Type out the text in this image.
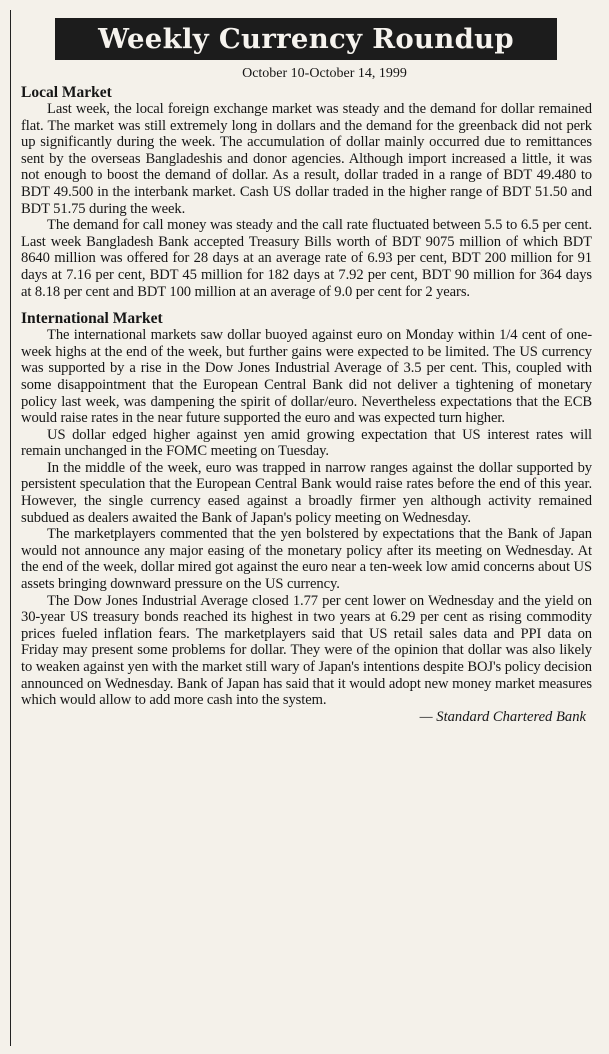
Weekly Currency Roundup
October 10-October 14, 1999
Local Market

Last week, the local foreign exchange market was steady and the demand for dollar remained flat. The market was still extremely long in dollars and the demand for the greenback did not perk up significantly during the week. The accumulation of dollar mainly occurred due to remittances sent by the overseas Bangladeshis and donor agencies. Although import increased a little, it was not enough to boost the demand of dollar. As a result, dollar traded in a range of BDT 49.480 to BDT 49.500 in the interbank market. Cash US dollar traded in the higher range of BDT 51.50 and BDT 51.75 during the week.

The demand for call money was steady and the call rate fluctuated between 5.5 to 6.5 per cent. Last week Bangladesh Bank accepted Treasury Bills worth of BDT 9075 million of which BDT 8640 million was offered for 28 days at an average rate of 6.93 per cent, BDT 200 million for 91 days at 7.16 per cent, BDT 45 million for 182 days at 7.92 per cent, BDT 90 million for 364 days at 8.18 per cent and BDT 100 million at an average of 9.0 per cent for 2 years.

International Market

The international markets saw dollar buoyed against euro on Monday within 1/4 cent of one-week highs at the end of the week, but further gains were expected to be limited. The US currency was supported by a rise in the Dow Jones Industrial Average of 3.5 per cent. This, coupled with some disappointment that the European Central Bank did not deliver a tightening of monetary policy last week, was dampening the spirit of dollar/euro. Nevertheless expectations that the ECB would raise rates in the near future supported the euro and was expected turn higher.

US dollar edged higher against yen amid growing expectation that US interest rates will remain unchanged in the FOMC meeting on Tuesday.

In the middle of the week, euro was trapped in narrow ranges against the dollar supported by persistent speculation that the European Central Bank would raise rates before the end of this year. However, the single currency eased against a broadly firmer yen although activity remained subdued as dealers awaited the Bank of Japan's policy meeting on Wednesday.

The marketplayers commented that the yen bolstered by expectations that the Bank of Japan would not announce any major easing of the monetary policy after its meeting on Wednesday. At the end of the week, dollar mired got against the euro near a ten-week low amid concerns about US assets bringing downward pressure on the US currency.

The Dow Jones Industrial Average closed 1.77 per cent lower on Wednesday and the yield on 30-year US treasury bonds reached its highest in two years at 6.29 per cent as rising commodity prices fueled inflation fears. The marketplayers said that US retail sales data and PPI data on Friday may present some problems for dollar. They were of the opinion that dollar was also likely to weaken against yen with the market still wary of Japan's intentions despite BOJ's policy decision announced on Wednesday. Bank of Japan has said that it would adopt new money market measures which would allow to add more cash into the system.

— Standard Chartered Bank
